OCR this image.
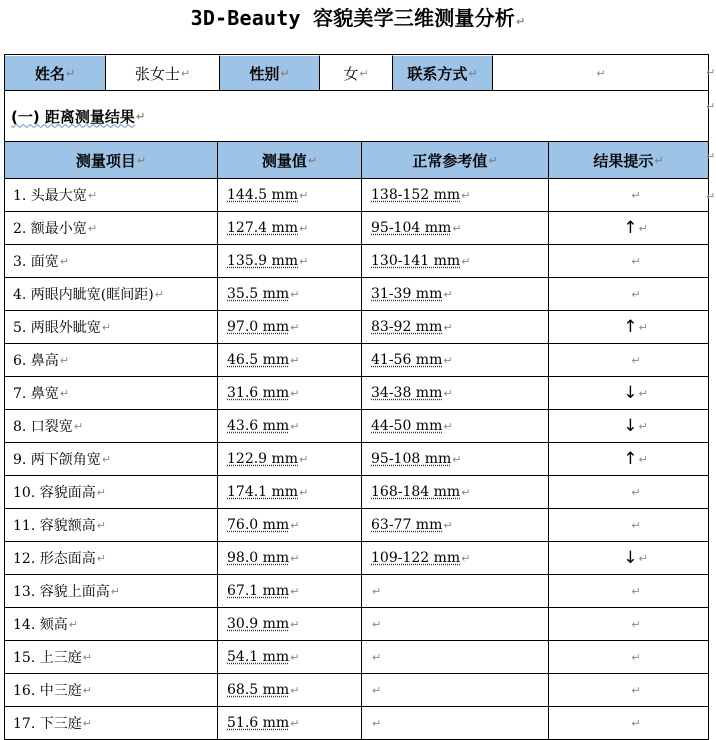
3D-Beauty 容貌美学三维测量分析↵
姓名 ↵	张女士 ↵	性别 ↵	女 ↵	联系方式 ↵	↵
(一) 距离测量结果 ↵
测量项目 ↵	测量值 ↵	正常参考值 ↵	结果提示 ↵
1. 头最大宽 ↵	144.5 mm ↵	138-152 mm ↵	↵
2. 额最小宽 ↵	127.4 mm ↵	95-104 mm ↵	↑ ↵
3. 面宽 ↵	135.9 mm ↵	130-141 mm ↵	↵
4. 两眼内眦宽(眶间距) ↵	35.5 mm ↵	31-39 mm ↵	↵
5. 两眼外眦宽 ↵	97.0 mm ↵	83-92 mm ↵	↑ ↵
6. 鼻高 ↵	46.5 mm ↵	41-56 mm ↵	↵
7. 鼻宽 ↵	31.6 mm ↵	34-38 mm ↵	↓ ↵
8. 口裂宽 ↵	43.6 mm ↵	44-50 mm ↵	↓ ↵
9. 两下颌角宽 ↵	122.9 mm ↵	95-108 mm ↵	↑ ↵
10. 容貌面高 ↵	174.1 mm ↵	168-184 mm ↵	↵
11. 容貌额高 ↵	76.0 mm ↵	63-77 mm ↵	↵
12. 形态面高 ↵	98.0 mm ↵	109-122 mm ↵	↓ ↵
13. 容貌上面高 ↵	67.1 mm ↵	↵	↵
14. 颏高 ↵	30.9 mm ↵	↵	↵
15. 上三庭 ↵	54.1 mm ↵	↵	↵
16. 中三庭 ↵	68.5 mm ↵	↵	↵
17. 下三庭 ↵	51.6 mm ↵	↵	↵
↵
↵
↵
↵
